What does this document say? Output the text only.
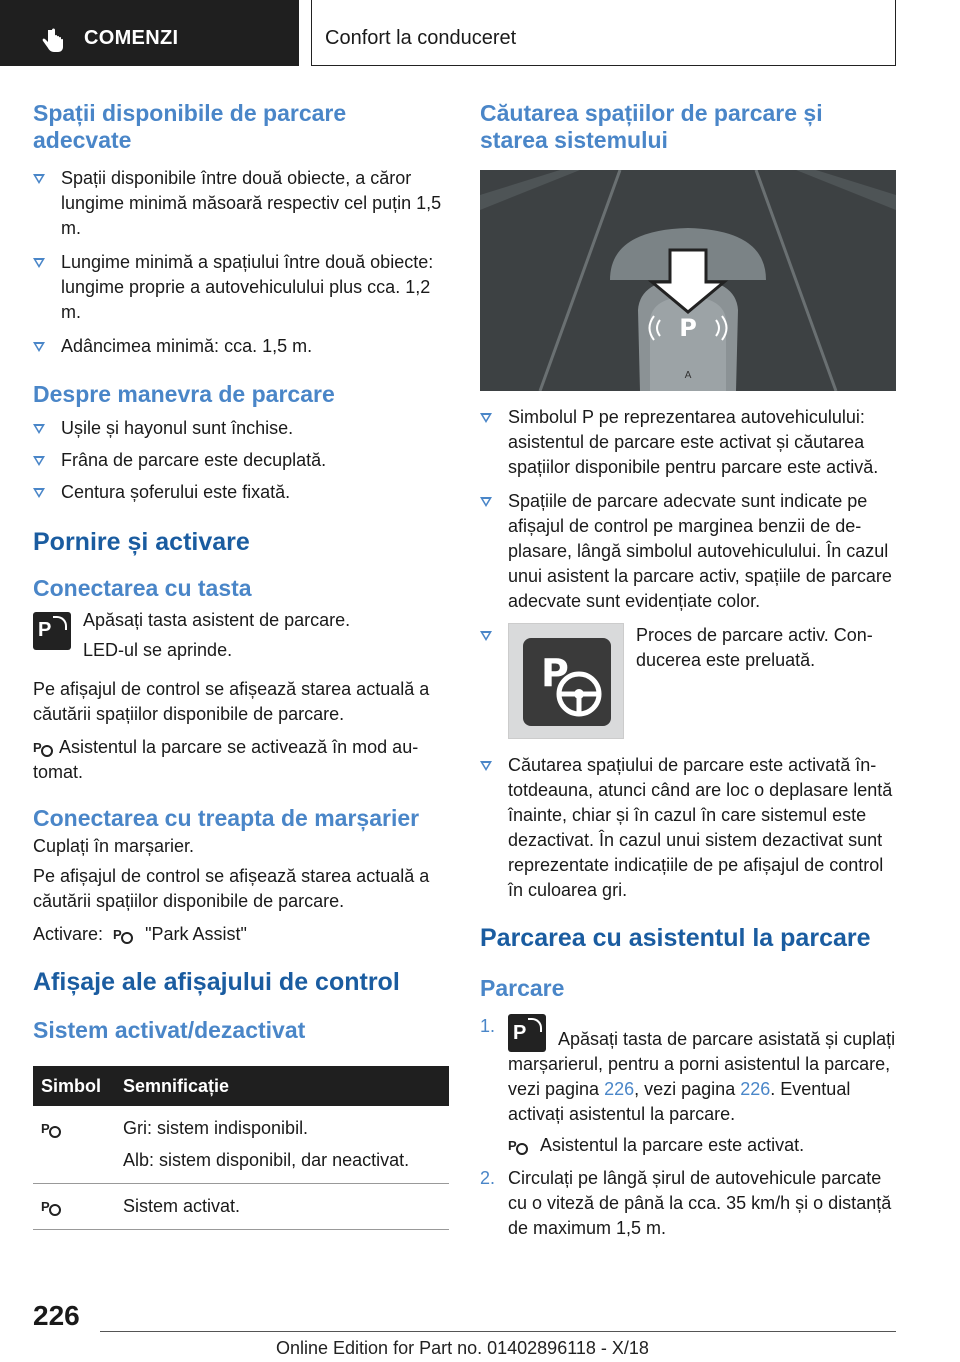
COMENZI	Confort la conduceret
Spații disponibile de parcare adecvate
Spații disponibile între două obiecte, a căror lungime minimă măsoară respectiv cel puțin 1,5 m.
Lungime minimă a spațiului între două obiecte: lungime proprie a autovehiculului plus cca. 1,2 m.
Adâncimea minimă: cca. 1,5 m.
Despre manevra de parcare
Ușile și hayonul sunt închise.
Frâna de parcare este decuplată.
Centura șoferului este fixată.
Pornire și activare
Conectarea cu tasta
P

Apăsați tasta asistent de parcare.

LED-ul se aprinde.

Pe afișajul de control se afișează starea actuală a căutării spațiilor disponibile de parcare.

P Asistentul la parcare se activează în mod automat.

Conectarea cu treapta de marșarier

Cuplați în marșarier.

Pe afișajul de control se afișează starea actuală a căutării spațiilor disponibile de parcare.

Activare: P "Park Assist"

Afișaje ale afișajului de control
Sistem activat/dezactivat
Simbol	Semnificație

P	Gri: sistem indisponibil.
Alb: sistem disponibil, dar neactivat.

P	Sistem activat.
Căutarea spațiilor de parcare și starea sistemului
P
A
Simbolul P pe reprezentarea autovehiculului: asistentul de parcare este activat și căutarea spațiilor disponibile pentru parcare este activă.
Spațiile de parcare adecvate sunt indicate pe afișajul de control pe marginea benzii de deplasare, lângă simbolul autovehiculului. În cazul unui asistent la parcare activ, spațiile de parcare adecvate sunt evidențiate color.
P
Proces de parcare activ. Conducerea este preluată.
Căutarea spațiului de parcare este activată întotdeauna, atunci când are loc o deplasare lentă înainte, chiar și în cazul în care sistemul este dezactivat. În cazul unui sistem dezactivat sunt reprezentate indicațiile de pe afișajul de control în culoarea gri.
Parcarea cu asistentul la parcare
Parcare
1.
PApăsați tasta de parcare asistată și cuplați marșarierul, pentru a porni asistentul la parcare, vezi pagina 226, vezi pagina 226. Eventual activați asistentul la parcare.
P Asistentul la parcare este activat.
2. Circulați pe lângă șirul de autovehicule parcate cu o viteză de până la cca. 35 km/h și o distanță de maximum 1,5 m.
226
Online Edition for Part no. 01402896118 - X/18
